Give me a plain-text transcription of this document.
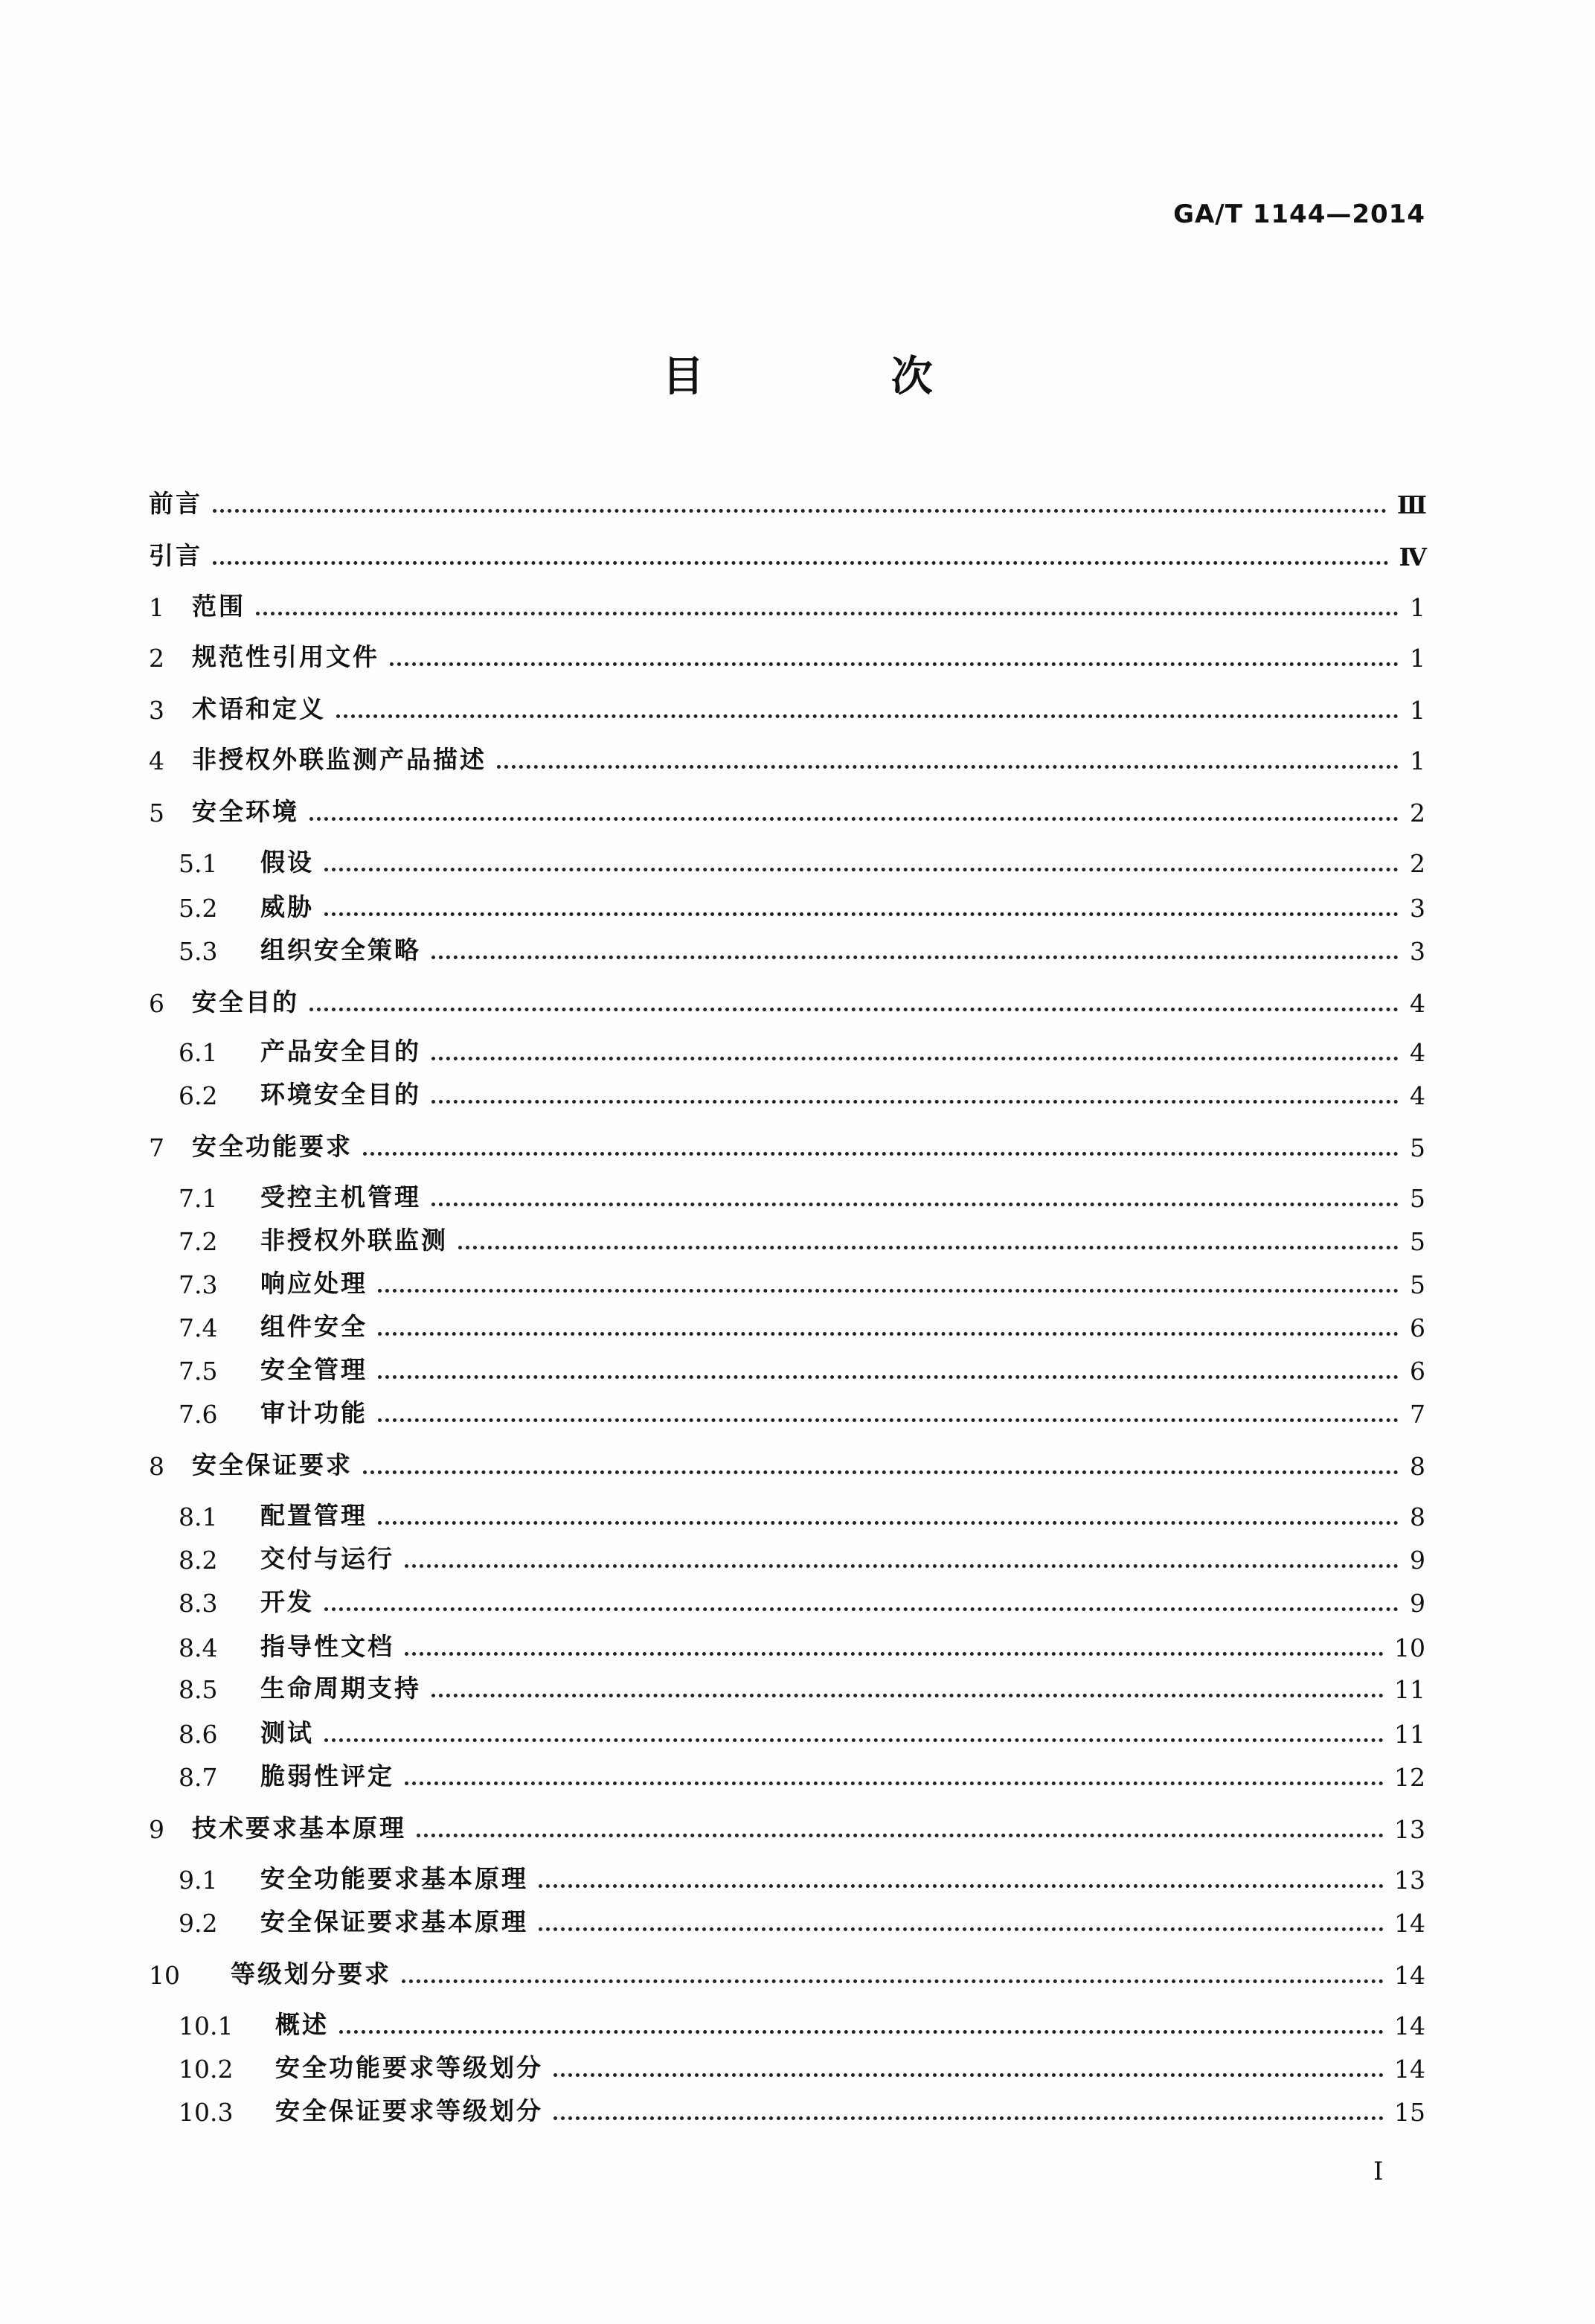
GA/T 1144—2014
目 次
前言	Ⅲ
引言	Ⅳ
1	范围	1
2	规范性引用文件	1
3	术语和定义	1
4	非授权外联监测产品描述	1
5	安全环境	2
5.1	假设	2
5.2	威胁	3
5.3	组织安全策略	3
6	安全目的	4
6.1	产品安全目的	4
6.2	环境安全目的	4
7	安全功能要求	5
7.1	受控主机管理	5
7.2	非授权外联监测	5
7.3	响应处理	5
7.4	组件安全	6
7.5	安全管理	6
7.6	审计功能	7
8	安全保证要求	8
8.1	配置管理	8
8.2	交付与运行	9
8.3	开发	9
8.4	指导性文档	10
8.5	生命周期支持	11
8.6	测试	11
8.7	脆弱性评定	12
9	技术要求基本原理	13
9.1	安全功能要求基本原理	13
9.2	安全保证要求基本原理	14
10	等级划分要求	14
10.1	概述	14
10.2	安全功能要求等级划分	14
10.3	安全保证要求等级划分	15
I
